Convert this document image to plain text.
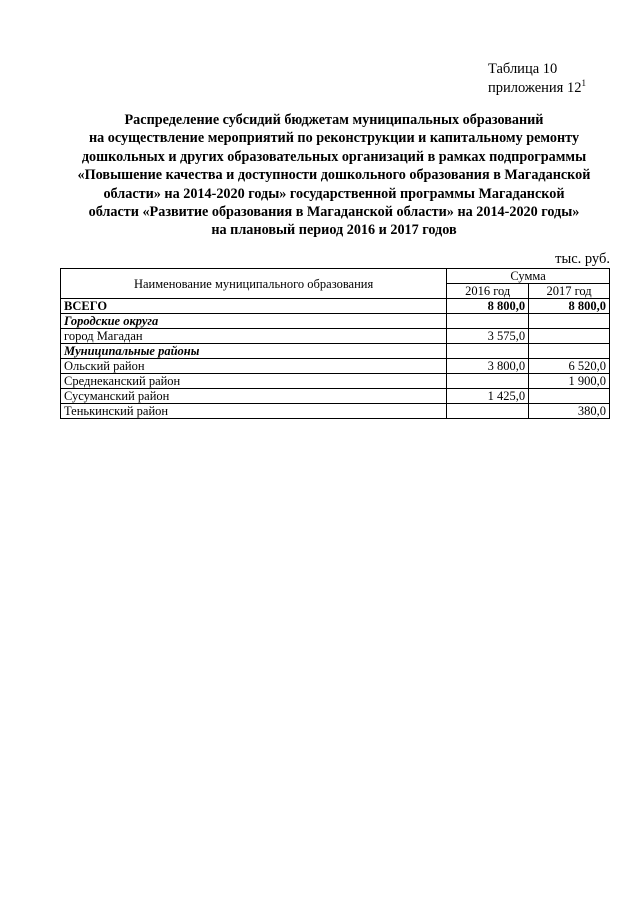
Таблица 10
приложения $12^1$
Распределение субсидий бюджетам муниципальных образований
на осуществление мероприятий по реконструкции и капитальному ремонту
дошкольных и других образовательных организаций в рамках подпрограммы
«Повышение качества и доступности дошкольного образования в Магаданской
области» на 2014-2020 годы» государственной программы Магаданской
области «Развитие образования в Магаданской области» на 2014-2020 годы»
на плановый период 2016 и 2017 годов
тыс. руб.
Наименование муниципального образования	Сумма	
	2016 год	2017 год
ВСЕГО	8 800,0	8 800,0
Городские округа		
город Магадан	3 575,0	
Муниципальные районы		
Ольский район	3 800,0	6 520,0
Среднеканский район		1 900,0
Сусуманский район	1 425,0	
Тенькинский район		380,0
